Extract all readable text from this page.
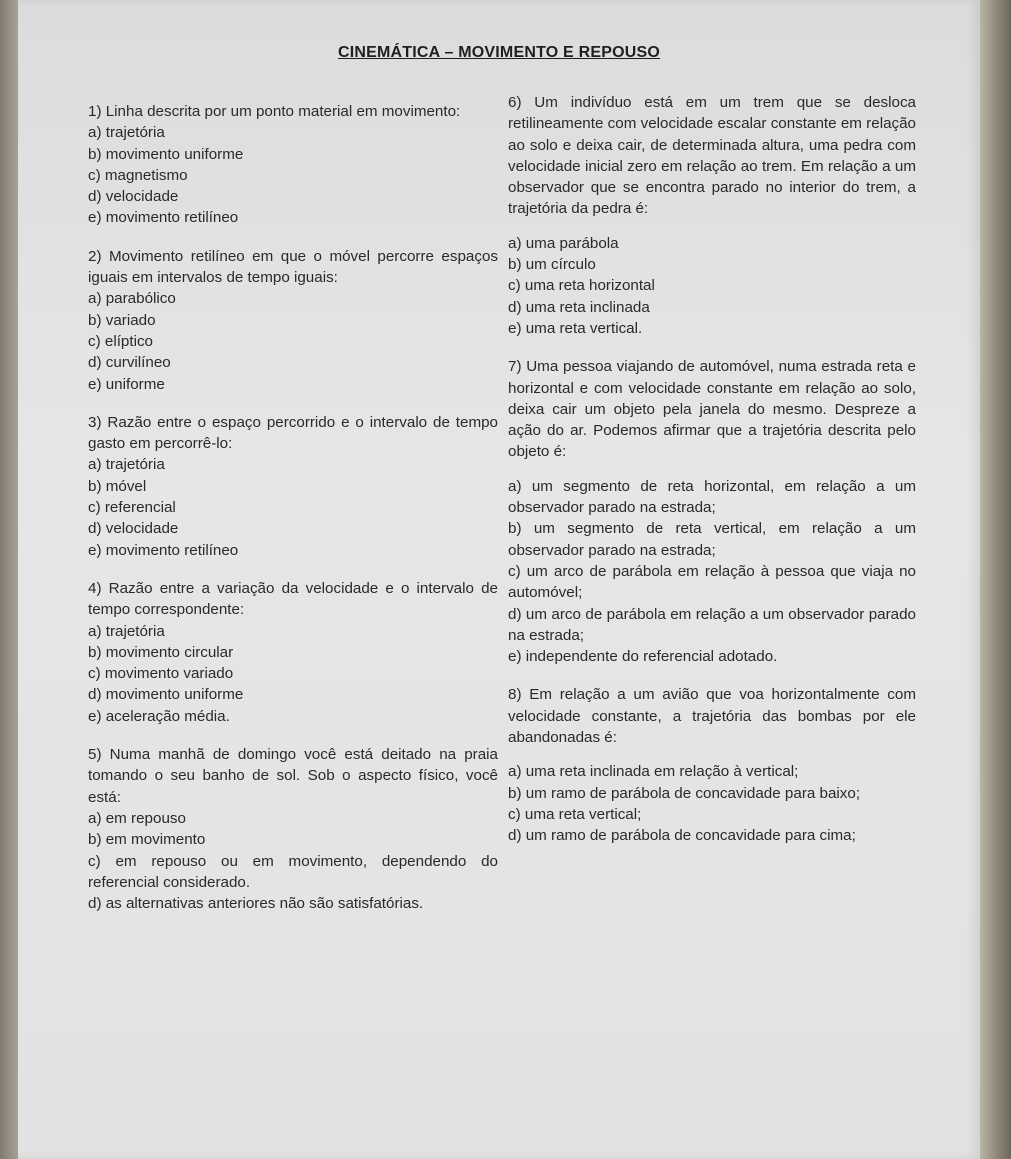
CINEMÁTICA – MOVIMENTO E REPOUSO
1) Linha descrita por um ponto material em movimento:
a) trajetória
b) movimento uniforme
c) magnetismo
d) velocidade
e) movimento retilíneo
2) Movimento retilíneo em que o móvel percorre espaços iguais em intervalos de tempo iguais:
a) parabólico
b) variado
c) elíptico
d) curvilíneo
e) uniforme
3) Razão entre o espaço percorrido e o intervalo de tempo gasto em percorrê-lo:
a) trajetória
b) móvel
c) referencial
d) velocidade
e) movimento retilíneo
4) Razão entre a variação da velocidade e o intervalo de tempo correspondente:
a) trajetória
b) movimento circular
c) movimento variado
d) movimento uniforme
e) aceleração média.
5) Numa manhã de domingo você está deitado na praia tomando o seu banho de sol. Sob o aspecto físico, você está:
a) em repouso
b) em movimento
c) em repouso ou em movimento, dependendo do referencial considerado.
d) as alternativas anteriores não são satisfatórias.
6) Um indivíduo está em um trem que se desloca retilineamente com velocidade escalar constante em relação ao solo e deixa cair, de determinada altura, uma pedra com velocidade inicial zero em relação ao trem. Em relação a um observador que se encontra parado no interior do trem, a trajetória da pedra é:
a) uma parábola
b) um círculo
c) uma reta horizontal
d) uma reta inclinada
e) uma reta vertical.
7) Uma pessoa viajando de automóvel, numa estrada reta e horizontal e com velocidade constante em relação ao solo, deixa cair um objeto pela janela do mesmo. Despreze a ação do ar. Podemos afirmar que a trajetória descrita pelo objeto é:
a) um segmento de reta horizontal, em relação a um observador parado na estrada;
b) um segmento de reta vertical, em relação a um observador parado na estrada;
c) um arco de parábola em relação à pessoa que viaja no automóvel;
d) um arco de parábola em relação a um observador parado na estrada;
e) independente do referencial adotado.
8) Em relação a um avião que voa horizontalmente com velocidade constante, a trajetória das bombas por ele abandonadas é:
a) uma reta inclinada em relação à vertical;
b) um ramo de parábola de concavidade para baixo;
c) uma reta vertical;
d) um ramo de parábola de concavidade para cima;
